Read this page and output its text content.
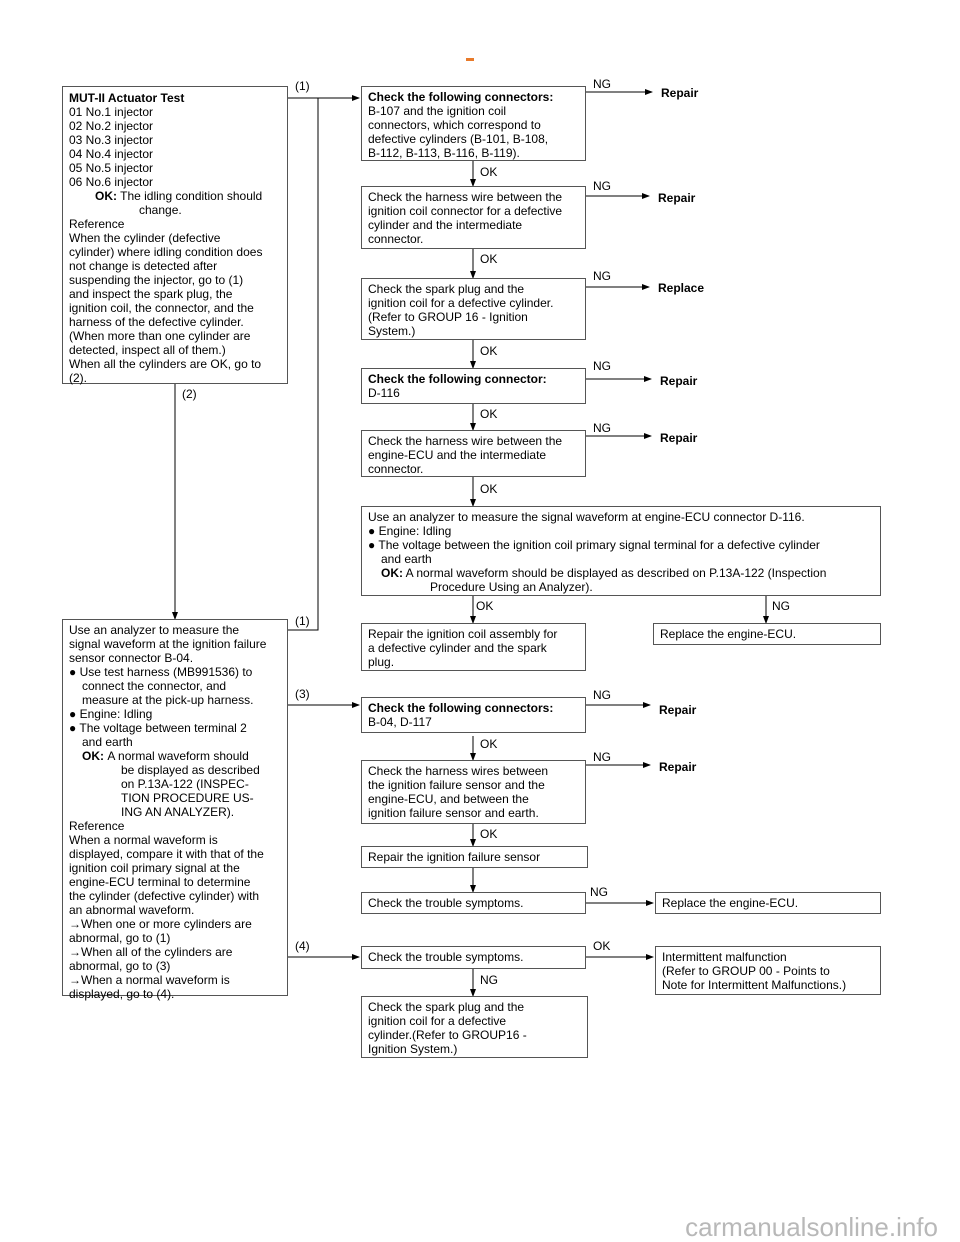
MUT-II Actuator Test
01 No.1 injector
02 No.2 injector
03 No.3 injector
04 No.4 injector
05 No.5 injector
06 No.6 injector
OK: The idling condition should
change.
Reference
When the cylinder (defective
cylinder) where idling condition does
not change is detected after
suspending the injector, go to (1)
and inspect the spark plug, the
ignition coil, the connector, and the
harness of the defective cylinder.
(When more than one cylinder are
detected, inspect all of them.)
When all the cylinders are OK, go to
(2).
Use an analyzer to measure the
signal waveform at the ignition failure
sensor connector B-04.
● Use test harness (MB991536) to
connect the connector, and
measure at the pick-up harness.
● Engine: Idling
● The voltage between terminal 2
and earth
OK: A normal waveform should
be displayed as described
on P.13A-122 (INSPEC-
TION PROCEDURE US-
ING AN ANALYZER).
Reference
When a normal waveform is
displayed, compare it with that of the
ignition coil primary signal at the
engine-ECU terminal to determine
the cylinder (defective cylinder) with
an abnormal waveform.
→When one or more cylinders are
abnormal, go to (1)
→When all of the cylinders are
abnormal, go to (3)
→When a normal waveform is
displayed, go to (4).
Check the following connectors:
B-107 and the ignition coil
connectors, which correspond to
defective cylinders (B-101, B-108,
B-112, B-113, B-116, B-119).
Check the harness wire between the
ignition coil connector for a defective
cylinder and the intermediate
connector.
Check the spark plug and the
ignition coil for a defective cylinder.
(Refer to GROUP 16 - Ignition
System.)
Check the following connector:
D-116
Check the harness wire between the
engine-ECU and the intermediate
connector.
Use an analyzer to measure the signal waveform at engine-ECU connector D-116.
● Engine: Idling
● The voltage between the ignition coil primary signal terminal for a defective cylinder
and earth
OK: A normal waveform should be displayed as described on P.13A-122 (Inspection
Procedure Using an Analyzer).
Repair the ignition coil assembly for
a defective cylinder and the spark
plug.
Replace the engine-ECU.
Check the following connectors:
B-04, D-117
Check the harness wires between
the ignition failure sensor and the
engine-ECU, and between the
ignition failure sensor and earth.
Repair the ignition failure sensor
Check the trouble symptoms.	Replace the engine-ECU.
Check the trouble symptoms.	Intermittent malfunction
(Refer to GROUP 00 - Points to
Note for Intermittent Malfunctions.)
Check the spark plug and the
ignition coil for a defective
cylinder.(Refer to GROUP16 -
Ignition System.)
(1)
(2)
(1)
(3)
(4)
NG
NG
NG
NG
NG
NG
NG
NG
NG
NG
OK
OK
OK
OK
OK
OK
OK
OK
OK
Repair
Repair
Replace
Repair
Repair
Repair
Repair
carmanualsonline.info
